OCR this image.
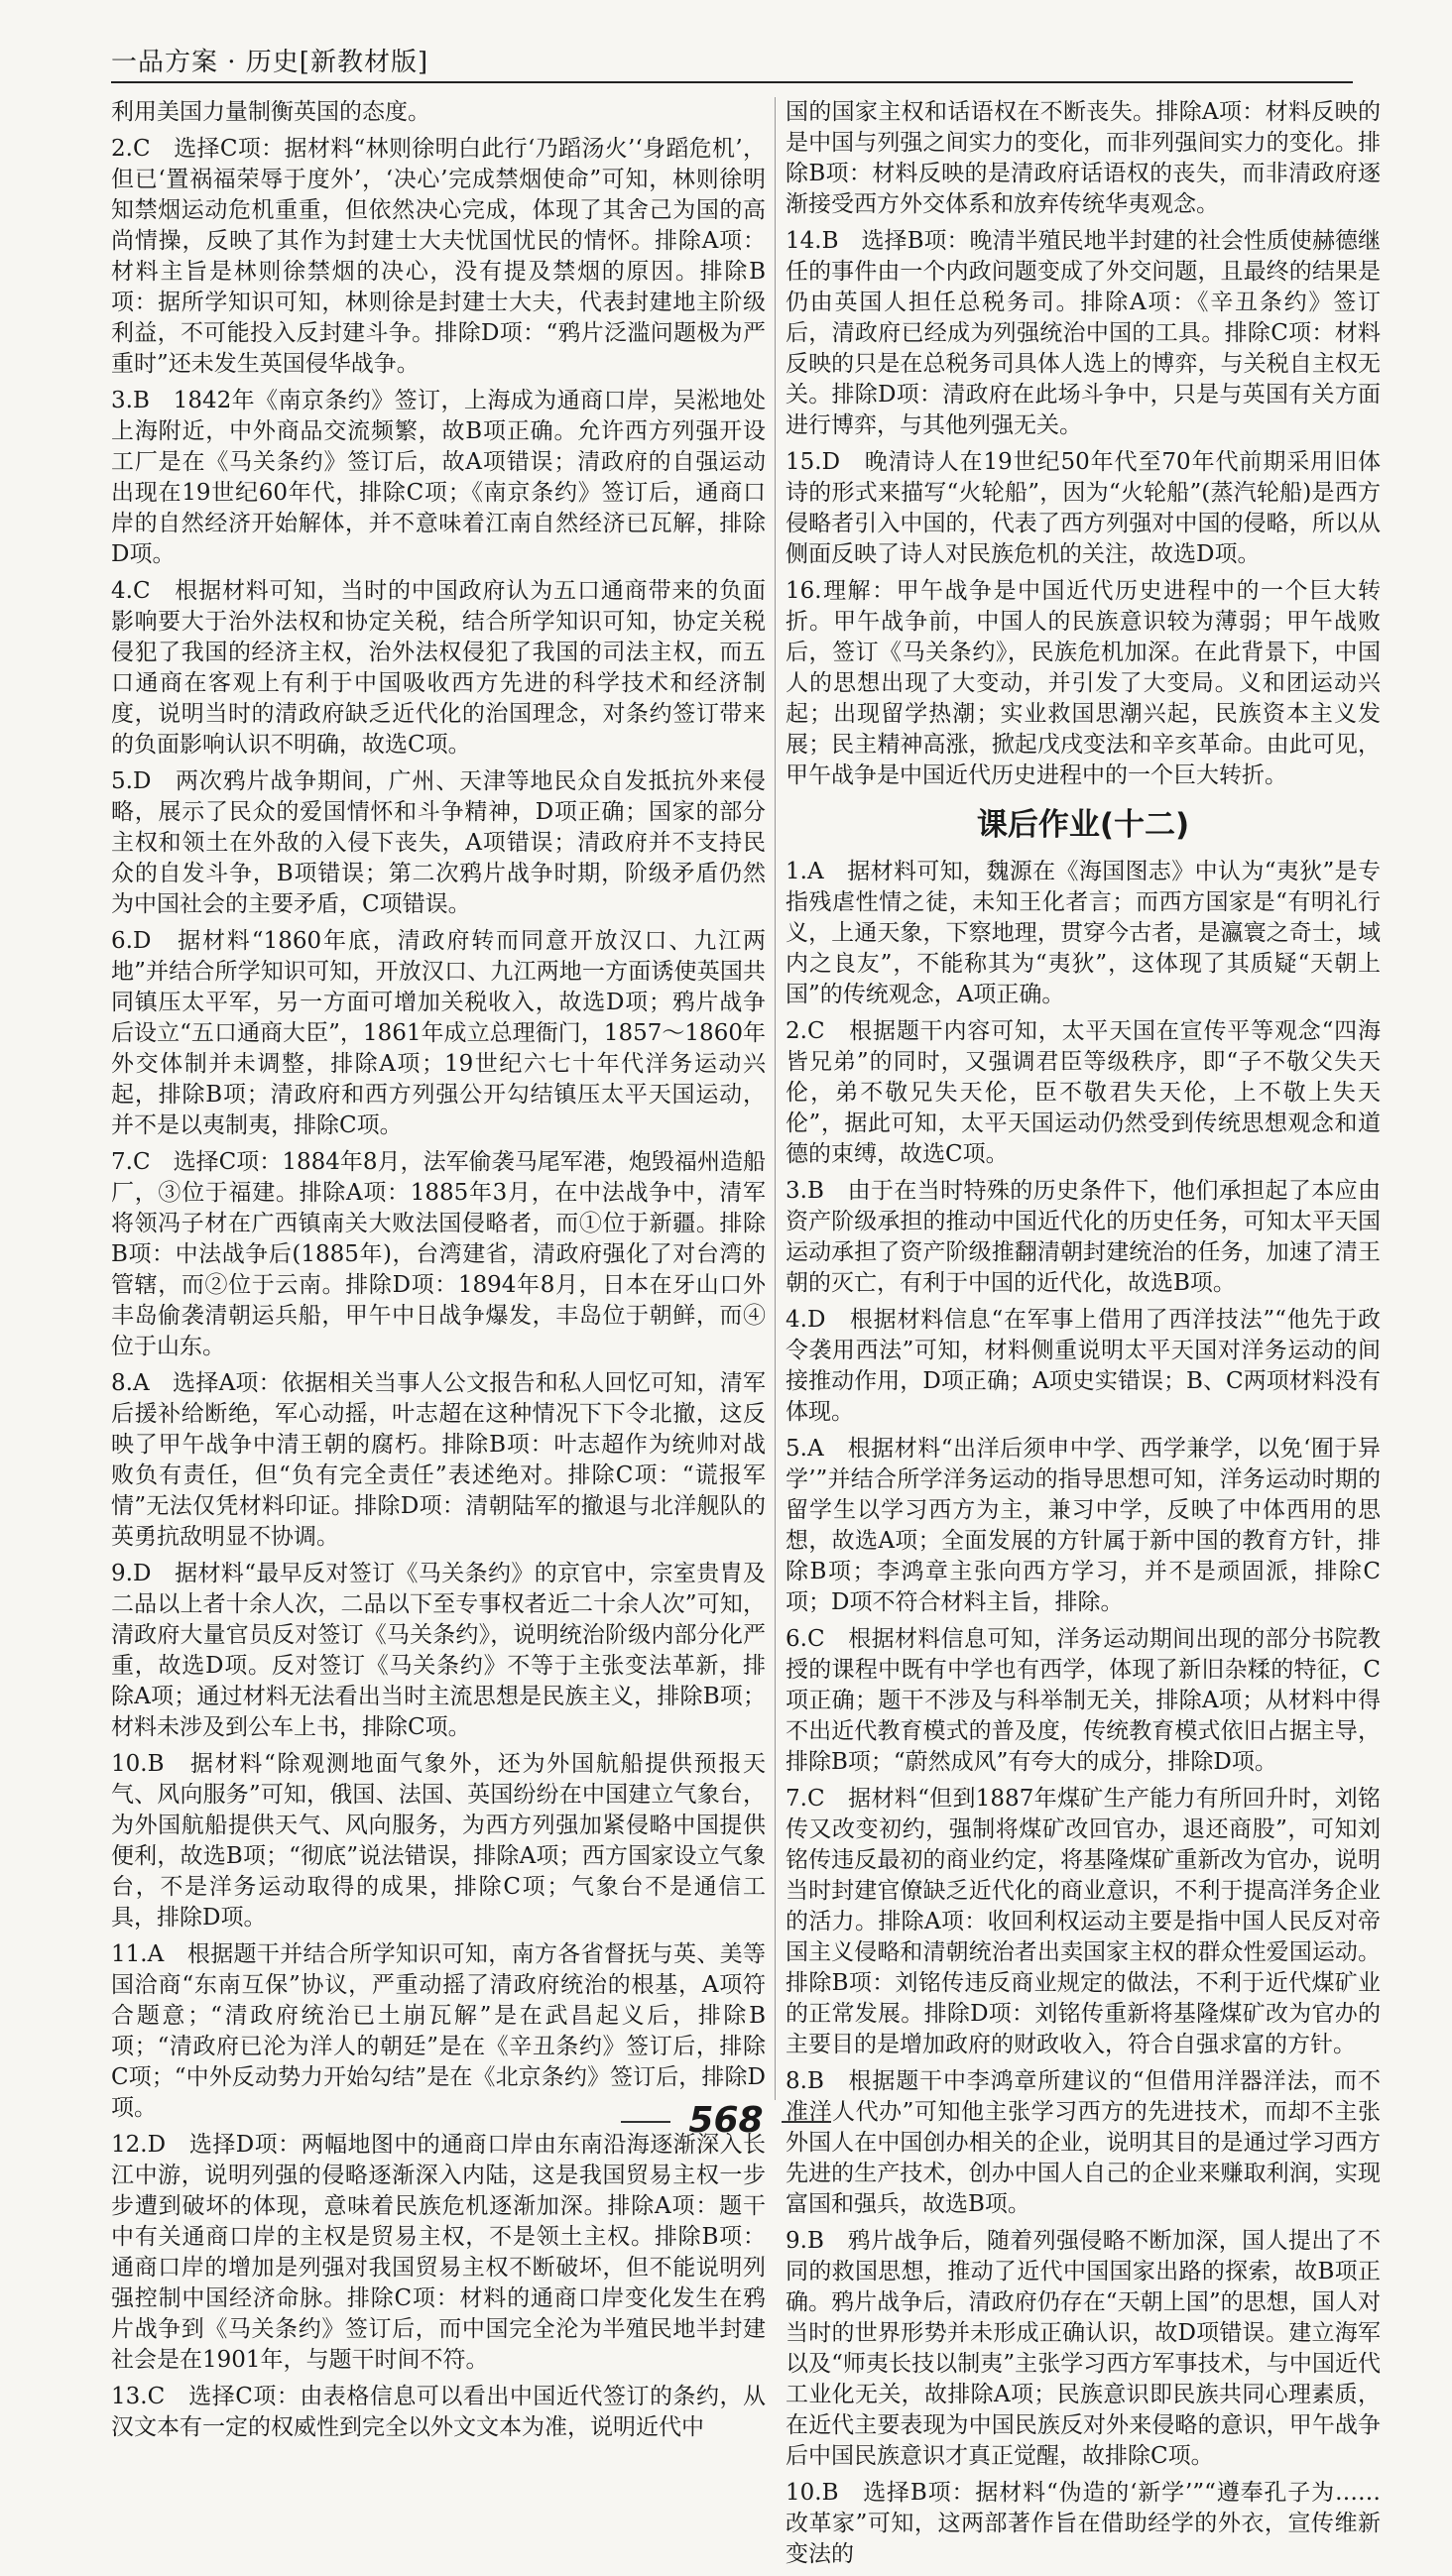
一品方案 · 历史[新教材版]

利用美国力量制衡英国的态度。

2.C　选择C项：据材料“林则徐明白此行‘乃蹈汤火’‘身蹈危机’，但已‘置祸福荣辱于度外’，‘决心’完成禁烟使命”可知，林则徐明知禁烟运动危机重重，但依然决心完成，体现了其舍己为国的高尚情操，反映了其作为封建士大夫忧国忧民的情怀。排除A项：材料主旨是林则徐禁烟的决心，没有提及禁烟的原因。排除B项：据所学知识可知，林则徐是封建士大夫，代表封建地主阶级利益，不可能投入反封建斗争。排除D项：“鸦片泛滥问题极为严重时”还未发生英国侵华战争。

3.B　1842年《南京条约》签订，上海成为通商口岸，吴淞地处上海附近，中外商品交流频繁，故B项正确。允许西方列强开设工厂是在《马关条约》签订后，故A项错误；清政府的自强运动出现在19世纪60年代，排除C项；《南京条约》签订后，通商口岸的自然经济开始解体，并不意味着江南自然经济已瓦解，排除D项。

4.C　根据材料可知，当时的中国政府认为五口通商带来的负面影响要大于治外法权和协定关税，结合所学知识可知，协定关税侵犯了我国的经济主权，治外法权侵犯了我国的司法主权，而五口通商在客观上有利于中国吸收西方先进的科学技术和经济制度，说明当时的清政府缺乏近代化的治国理念，对条约签订带来的负面影响认识不明确，故选C项。

5.D　两次鸦片战争期间，广州、天津等地民众自发抵抗外来侵略，展示了民众的爱国情怀和斗争精神，D项正确；国家的部分主权和领土在外敌的入侵下丧失，A项错误；清政府并不支持民众的自发斗争，B项错误；第二次鸦片战争时期，阶级矛盾仍然为中国社会的主要矛盾，C项错误。

6.D　据材料“1860年底，清政府转而同意开放汉口、九江两地”并结合所学知识可知，开放汉口、九江两地一方面诱使英国共同镇压太平军，另一方面可增加关税收入，故选D项；鸦片战争后设立“五口通商大臣”，1861年成立总理衙门，1857～1860年外交体制并未调整，排除A项；19世纪六七十年代洋务运动兴起，排除B项；清政府和西方列强公开勾结镇压太平天国运动，并不是以夷制夷，排除C项。

7.C　选择C项：1884年8月，法军偷袭马尾军港，炮毁福州造船厂，③位于福建。排除A项：1885年3月，在中法战争中，清军将领冯子材在广西镇南关大败法国侵略者，而①位于新疆。排除B项：中法战争后(1885年)，台湾建省，清政府强化了对台湾的管辖，而②位于云南。排除D项：1894年8月，日本在牙山口外丰岛偷袭清朝运兵船，甲午中日战争爆发，丰岛位于朝鲜，而④位于山东。

8.A　选择A项：依据相关当事人公文报告和私人回忆可知，清军后援补给断绝，军心动摇，叶志超在这种情况下下令北撤，这反映了甲午战争中清王朝的腐朽。排除B项：叶志超作为统帅对战败负有责任，但“负有完全责任”表述绝对。排除C项：“谎报军情”无法仅凭材料印证。排除D项：清朝陆军的撤退与北洋舰队的英勇抗敌明显不协调。

9.D　据材料“最早反对签订《马关条约》的京官中，宗室贵胄及二品以上者十余人次，二品以下至专事权者近二十余人次”可知，清政府大量官员反对签订《马关条约》，说明统治阶级内部分化严重，故选D项。反对签订《马关条约》不等于主张变法革新，排除A项；通过材料无法看出当时主流思想是民族主义，排除B项；材料未涉及到公车上书，排除C项。

10.B　据材料“除观测地面气象外，还为外国航船提供预报天气、风向服务”可知，俄国、法国、英国纷纷在中国建立气象台，为外国航船提供天气、风向服务，为西方列强加紧侵略中国提供便利，故选B项；“彻底”说法错误，排除A项；西方国家设立气象台，不是洋务运动取得的成果，排除C项；气象台不是通信工具，排除D项。

11.A　根据题干并结合所学知识可知，南方各省督抚与英、美等国洽商“东南互保”协议，严重动摇了清政府统治的根基，A项符合题意；“清政府统治已土崩瓦解”是在武昌起义后，排除B项；“清政府已沦为洋人的朝廷”是在《辛丑条约》签订后，排除C项；“中外反动势力开始勾结”是在《北京条约》签订后，排除D项。

12.D　选择D项：两幅地图中的通商口岸由东南沿海逐渐深入长江中游，说明列强的侵略逐渐深入内陆，这是我国贸易主权一步步遭到破坏的体现，意味着民族危机逐渐加深。排除A项：题干中有关通商口岸的主权是贸易主权，不是领土主权。排除B项：通商口岸的增加是列强对我国贸易主权不断破坏，但不能说明列强控制中国经济命脉。排除C项：材料的通商口岸变化发生在鸦片战争到《马关条约》签订后，而中国完全沦为半殖民地半封建社会是在1901年，与题干时间不符。

13.C　选择C项：由表格信息可以看出中国近代签订的条约，从汉文本有一定的权威性到完全以外文文本为准，说明近代中

国的国家主权和话语权在不断丧失。排除A项：材料反映的是中国与列强之间实力的变化，而非列强间实力的变化。排除B项：材料反映的是清政府话语权的丧失，而非清政府逐渐接受西方外交体系和放弃传统华夷观念。

14.B　选择B项：晚清半殖民地半封建的社会性质使赫德继任的事件由一个内政问题变成了外交问题，且最终的结果是仍由英国人担任总税务司。排除A项：《辛丑条约》签订后，清政府已经成为列强统治中国的工具。排除C项：材料反映的只是在总税务司具体人选上的博弈，与关税自主权无关。排除D项：清政府在此场斗争中，只是与英国有关方面进行博弈，与其他列强无关。

15.D　晚清诗人在19世纪50年代至70年代前期采用旧体诗的形式来描写“火轮船”，因为“火轮船”(蒸汽轮船)是西方侵略者引入中国的，代表了西方列强对中国的侵略，所以从侧面反映了诗人对民族危机的关注，故选D项。

16.理解：甲午战争是中国近代历史进程中的一个巨大转折。甲午战争前，中国人的民族意识较为薄弱；甲午战败后，签订《马关条约》，民族危机加深。在此背景下，中国人的思想出现了大变动，并引发了大变局。义和团运动兴起；出现留学热潮；实业救国思潮兴起，民族资本主义发展；民主精神高涨，掀起戊戌变法和辛亥革命。由此可见，甲午战争是中国近代历史进程中的一个巨大转折。

课后作业(十二)

1.A　据材料可知，魏源在《海国图志》中认为“夷狄”是专指残虐性情之徒，未知王化者言；而西方国家是“有明礼行义，上通天象，下察地理，贯穿今古者，是瀛寰之奇士，域内之良友”，不能称其为“夷狄”，这体现了其质疑“天朝上国”的传统观念，A项正确。

2.C　根据题干内容可知，太平天国在宣传平等观念“四海皆兄弟”的同时，又强调君臣等级秩序，即“子不敬父失天伦，弟不敬兄失天伦，臣不敬君失天伦，上不敬上失天伦”，据此可知，太平天国运动仍然受到传统思想观念和道德的束缚，故选C项。

3.B　由于在当时特殊的历史条件下，他们承担起了本应由资产阶级承担的推动中国近代化的历史任务，可知太平天国运动承担了资产阶级推翻清朝封建统治的任务，加速了清王朝的灭亡，有利于中国的近代化，故选B项。

4.D　根据材料信息“在军事上借用了西洋技法”“他先于政令袭用西法”可知，材料侧重说明太平天国对洋务运动的间接推动作用，D项正确；A项史实错误；B、C两项材料没有体现。

5.A　根据材料“出洋后须申中学、西学兼学，以免‘囿于异学’”并结合所学洋务运动的指导思想可知，洋务运动时期的留学生以学习西方为主，兼习中学，反映了中体西用的思想，故选A项；全面发展的方针属于新中国的教育方针，排除B项；李鸿章主张向西方学习，并不是顽固派，排除C项；D项不符合材料主旨，排除。

6.C　根据材料信息可知，洋务运动期间出现的部分书院教授的课程中既有中学也有西学，体现了新旧杂糅的特征，C项正确；题干不涉及与科举制无关，排除A项；从材料中得不出近代教育模式的普及度，传统教育模式依旧占据主导，排除B项；“蔚然成风”有夸大的成分，排除D项。

7.C　据材料“但到1887年煤矿生产能力有所回升时，刘铭传又改变初约，强制将煤矿改回官办，退还商股”，可知刘铭传违反最初的商业约定，将基隆煤矿重新改为官办，说明当时封建官僚缺乏近代化的商业意识，不利于提高洋务企业的活力。排除A项：收回利权运动主要是指中国人民反对帝国主义侵略和清朝统治者出卖国家主权的群众性爱国运动。排除B项：刘铭传违反商业规定的做法，不利于近代煤矿业的正常发展。排除D项：刘铭传重新将基隆煤矿改为官办的主要目的是增加政府的财政收入，符合自强求富的方针。

8.B　根据题干中李鸿章所建议的“但借用洋器洋法，而不准洋人代办”可知他主张学习西方的先进技术，而却不主张外国人在中国创办相关的企业，说明其目的是通过学习西方先进的生产技术，创办中国人自己的企业来赚取利润，实现富国和强兵，故选B项。

9.B　鸦片战争后，随着列强侵略不断加深，国人提出了不同的救国思想，推动了近代中国国家出路的探索，故B项正确。鸦片战争后，清政府仍存在“天朝上国”的思想，国人对当时的世界形势并未形成正确认识，故D项错误。建立海军以及“师夷长技以制夷”主张学习西方军事技术，与中国近代工业化无关，故排除A项；民族意识即民族共同心理素质，在近代主要表现为中国民族反对外来侵略的意识，甲午战争后中国民族意识才真正觉醒，故排除C项。

10.B　选择B项：据材料“伪造的‘新学’”“遵奉孔子为……改革家”可知，这两部著作旨在借助经学的外衣，宣传维新变法的

568
